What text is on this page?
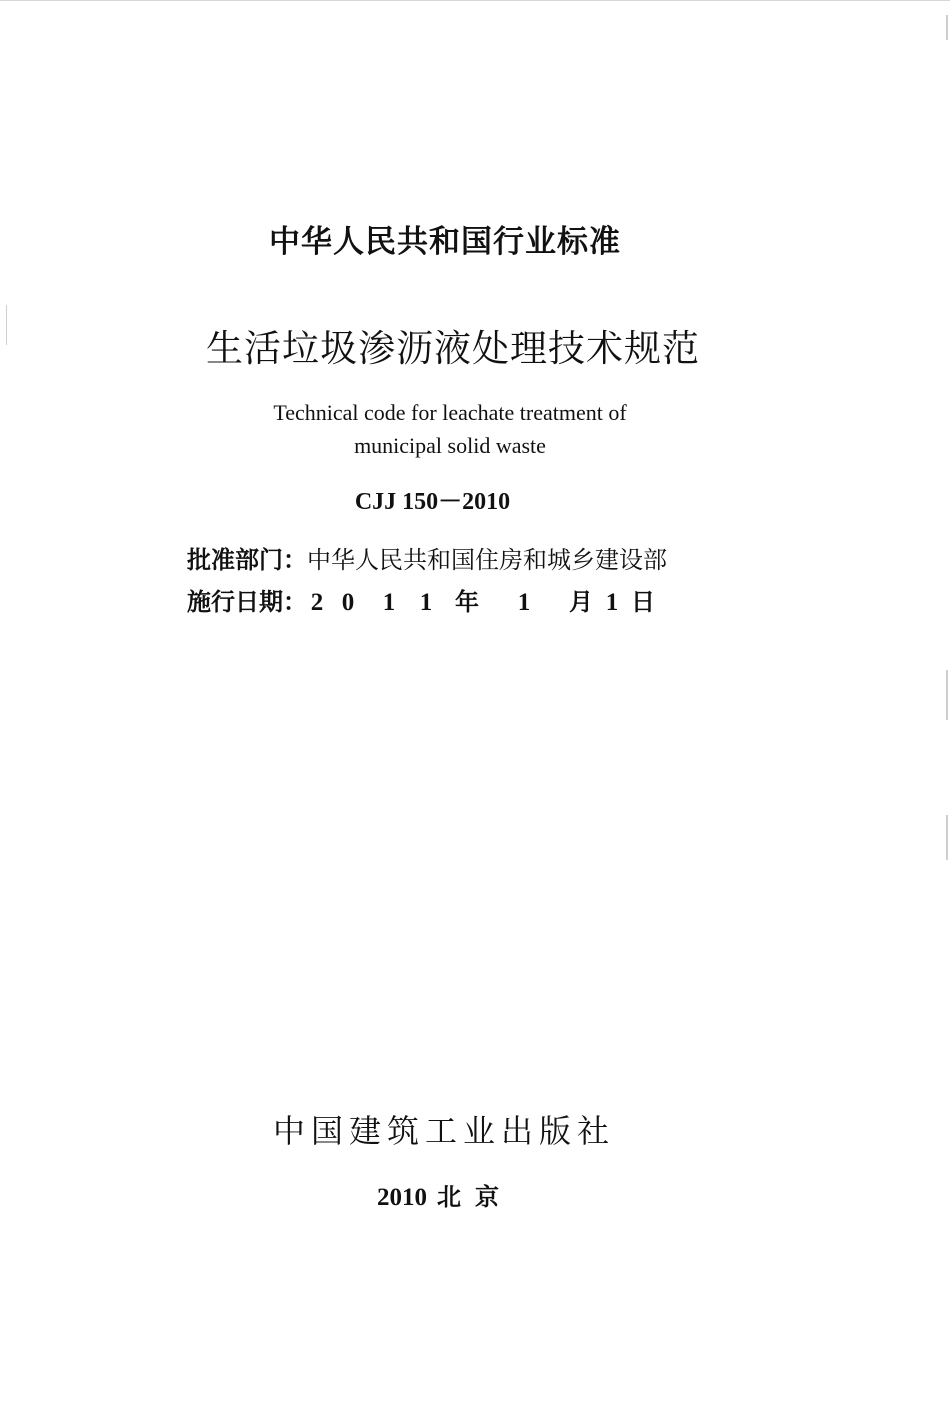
中华人民共和国行业标准
生活垃圾渗沥液处理技术规范
Technical code for leachate treatment of
municipal solid waste
CJJ 150－2010
批准部门：中华人民共和国住房和城乡建设部
施行日期： 2 0 1 1 年 1 月 1 日
中国建筑工业出版社
2010 北京
